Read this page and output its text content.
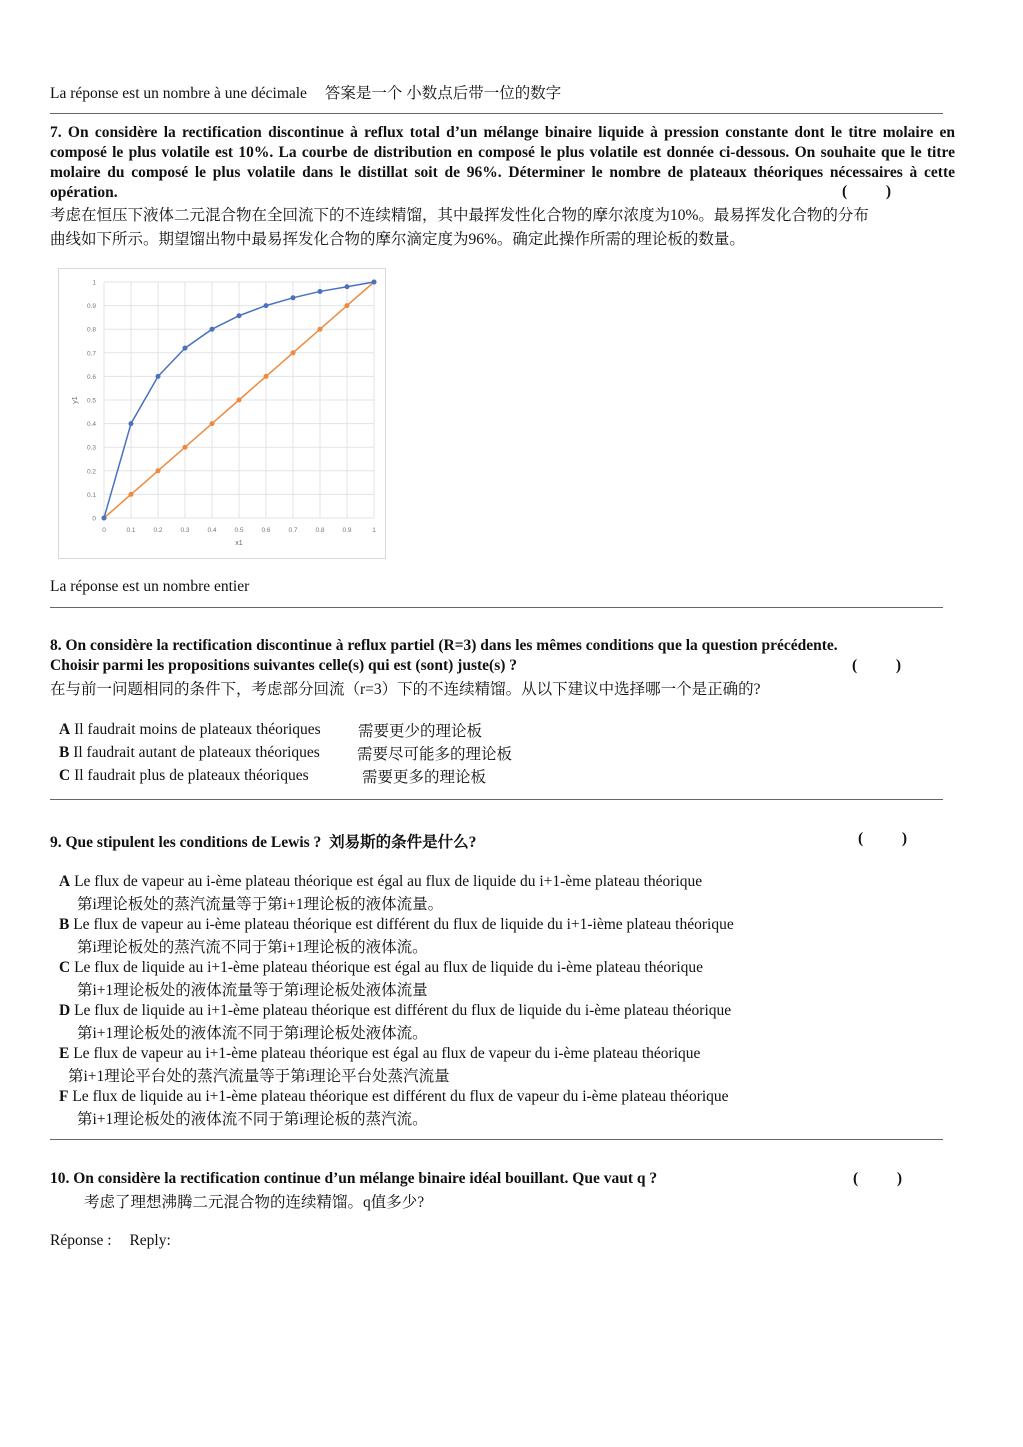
La réponse est un nombre à une décimale 答案是一个 小数点后带一位的数字
7. On considère la rectification discontinue à reflux total d’un mélange binaire liquide à pression constante dont le titre molaire en composé le plus volatile est 10%. La courbe de distribution en composé le plus volatile est donnée ci-dessous. On souhaite que le titre molaire du composé le plus volatile dans le distillat soit de 96%. Déterminer le nombre de plateaux théoriques nécessaires à cette opération.	(          )
考虑在恒压下液体二元混合物在全回流下的不连续精馏，其中最挥发性化合物的摩尔浓度为10%。最易挥发化合物的分布
曲线如下所示。期望馏出物中最易挥发化合物的摩尔滴定度为96%。确定此操作所需的理论板的数量。
0	0.1	0.2	0.3	0.4	0.5	0.6	0.7	0.8	0.9	1
0
0.1
0.2
0.3
0.4
0.5
0.6
0.7
0.8
0.9
1
x1
y1
La réponse est un nombre entier
8. On considère la rectification discontinue à reflux partiel (R=3) dans les mêmes conditions que la question précédente.
Choisir parmi les propositions suivantes celle(s) qui est (sont) juste(s) ?	(          )
在与前一问题相同的条件下，考虑部分回流（r=3）下的不连续精馏。从以下建议中选择哪一个是正确的?
A Il faudrait moins de plateaux théoriques 需要更少的理论板
B Il faudrait autant de plateaux théoriques 需要尽可能多的理论板
C Il faudrait plus de plateaux théoriques	需要更多的理论板
9. Que stipulent les conditions de Lewis ? 刘易斯的条件是什么?	(          )
A Le flux de vapeur au i-ème plateau théorique est égal au flux de liquide du i+1-ème plateau théorique
第i理论板处的蒸汽流量等于第i+1理论板的液体流量。
B Le flux de vapeur au i-ème plateau théorique est différent du flux de liquide du i+1-ième plateau théorique
第i理论板处的蒸汽流不同于第i+1理论板的液体流。
C Le flux de liquide au i+1-ème plateau théorique est égal au flux de liquide du i-ème plateau théorique
第i+1理论板处的液体流量等于第i理论板处液体流量
D Le flux de liquide au i+1-ème plateau théorique est différent du flux de liquide du i-ème plateau théorique
第i+1理论板处的液体流不同于第i理论板处液体流。
E Le flux de vapeur au i+1-ème plateau théorique est égal au flux de vapeur du i-ème plateau théorique
第i+1理论平台处的蒸汽流量等于第i理论平台处蒸汽流量
F Le flux de liquide au i+1-ème plateau théorique est différent du flux de vapeur du i-ème plateau théorique
第i+1理论板处的液体流不同于第i理论板的蒸汽流。
10. On considère la rectification continue d’un mélange binaire idéal bouillant. Que vaut q ?	(          )
考虑了理想沸腾二元混合物的连续精馏。q值多少?
Réponse : Reply:
